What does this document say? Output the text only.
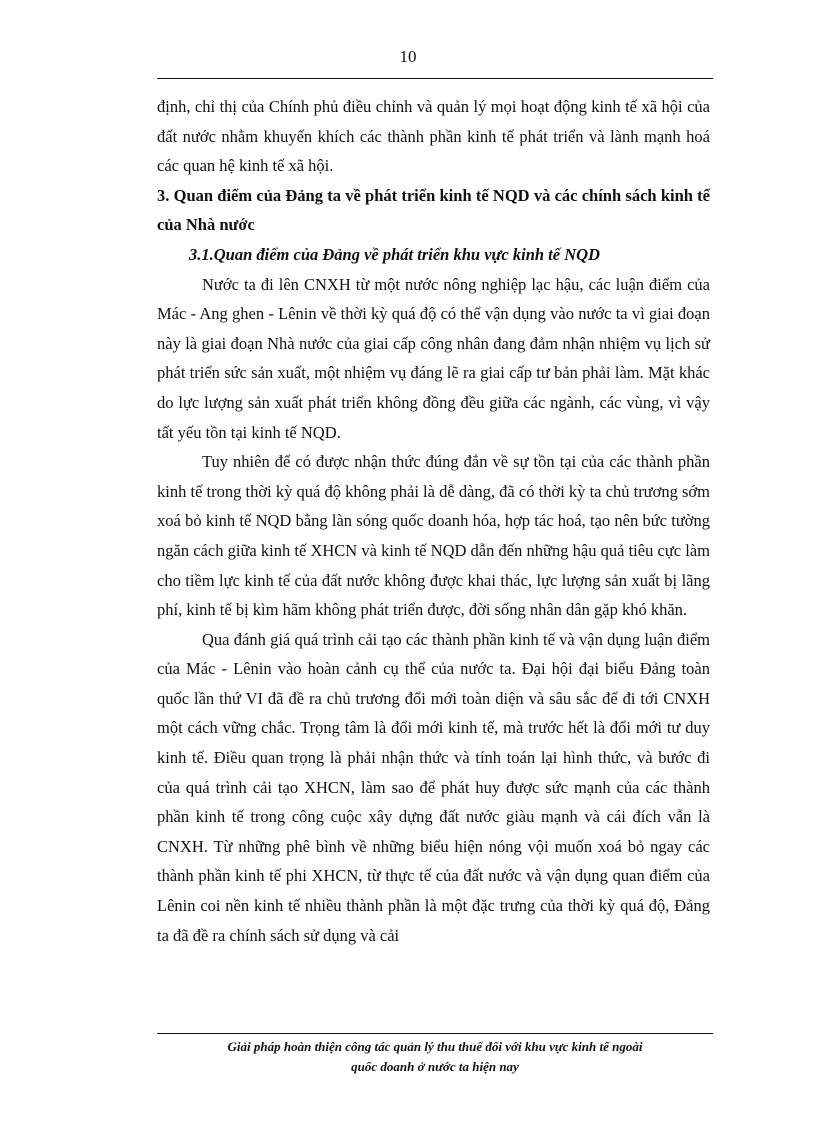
10

định, chỉ thị của Chính phủ điều chỉnh và quản lý mọi hoạt động kinh tế xã hội của đất nước nhằm khuyến khích các thành phần kinh tế phát triển và lành mạnh hoá các quan hệ kinh tế xã hội.

3. Quan điểm của Đảng ta về phát triển kinh tế NQD và các chính sách kinh tế của Nhà nước
3.1.Quan điểm của Đảng về phát triển khu vực kinh tế NQD

Nước ta đi lên CNXH từ một nước nông nghiệp lạc hậu, các luận điểm của Mác - Ang ghen - Lênin về thời kỳ quá độ có thể vận dụng vào nước ta vì giai đoạn này là giai đoạn Nhà nước của giai cấp công nhân đang đảm nhận nhiệm vụ lịch sử phát triển sức sản xuất, một nhiệm vụ đáng lẽ ra giai cấp tư bản phải làm. Mặt khác do lực lượng sản xuất phát triển không đồng đều giữa các ngành, các vùng, vì vậy tất yếu tồn tại kinh tế NQD.

Tuy nhiên để có được nhận thức đúng đắn về sự tồn tại của các thành phần kinh tế trong thời kỳ quá độ không phải là dễ dàng, đã có thời kỳ ta chủ trương sớm xoá bỏ kinh tế NQD bằng làn sóng quốc doanh hóa, hợp tác hoá, tạo nên bức tường ngăn cách giữa kinh tế XHCN và kinh tế NQD dẫn đến những hậu quả tiêu cực làm cho tiềm lực kinh tế của đất nước không được khai thác, lực lượng sản xuất bị lãng phí, kinh tế bị kìm hãm không phát triển được, đời sống nhân dân gặp khó khăn.

Qua đánh giá quá trình cải tạo các thành phần kinh tế và vận dụng luận điểm của Mác - Lênin vào hoàn cảnh cụ thể của nước ta. Đại hội đại biểu Đảng toàn quốc lần thứ VI đã đề ra chủ trương đổi mới toàn diện và sâu sắc để đi tới CNXH một cách vững chắc. Trọng tâm là đổi mới kinh tế, mà trước hết là đổi mới tư duy kinh tế. Điều quan trọng là phải nhận thức và tính toán lại hình thức, và bước đi của quá trình cải tạo XHCN, làm sao để phát huy được sức mạnh của các thành phần kinh tế trong công cuộc xây dựng đất nước giàu mạnh và cái đích vẫn là CNXH. Từ những phê bình về những biểu hiện nóng vội muốn xoá bỏ ngay các thành phần kinh tế phi XHCN, từ thực tế của đất nước và vận dụng quan điểm của Lênin coi nền kinh tế nhiều thành phần là một đặc trưng của thời kỳ quá độ, Đảng ta đã đề ra chính sách sử dụng và cải

Giải pháp hoàn thiện công tác quản lý thu thuế đối với khu vực kinh tế ngoài
quốc doanh ở nước ta hiện nay
